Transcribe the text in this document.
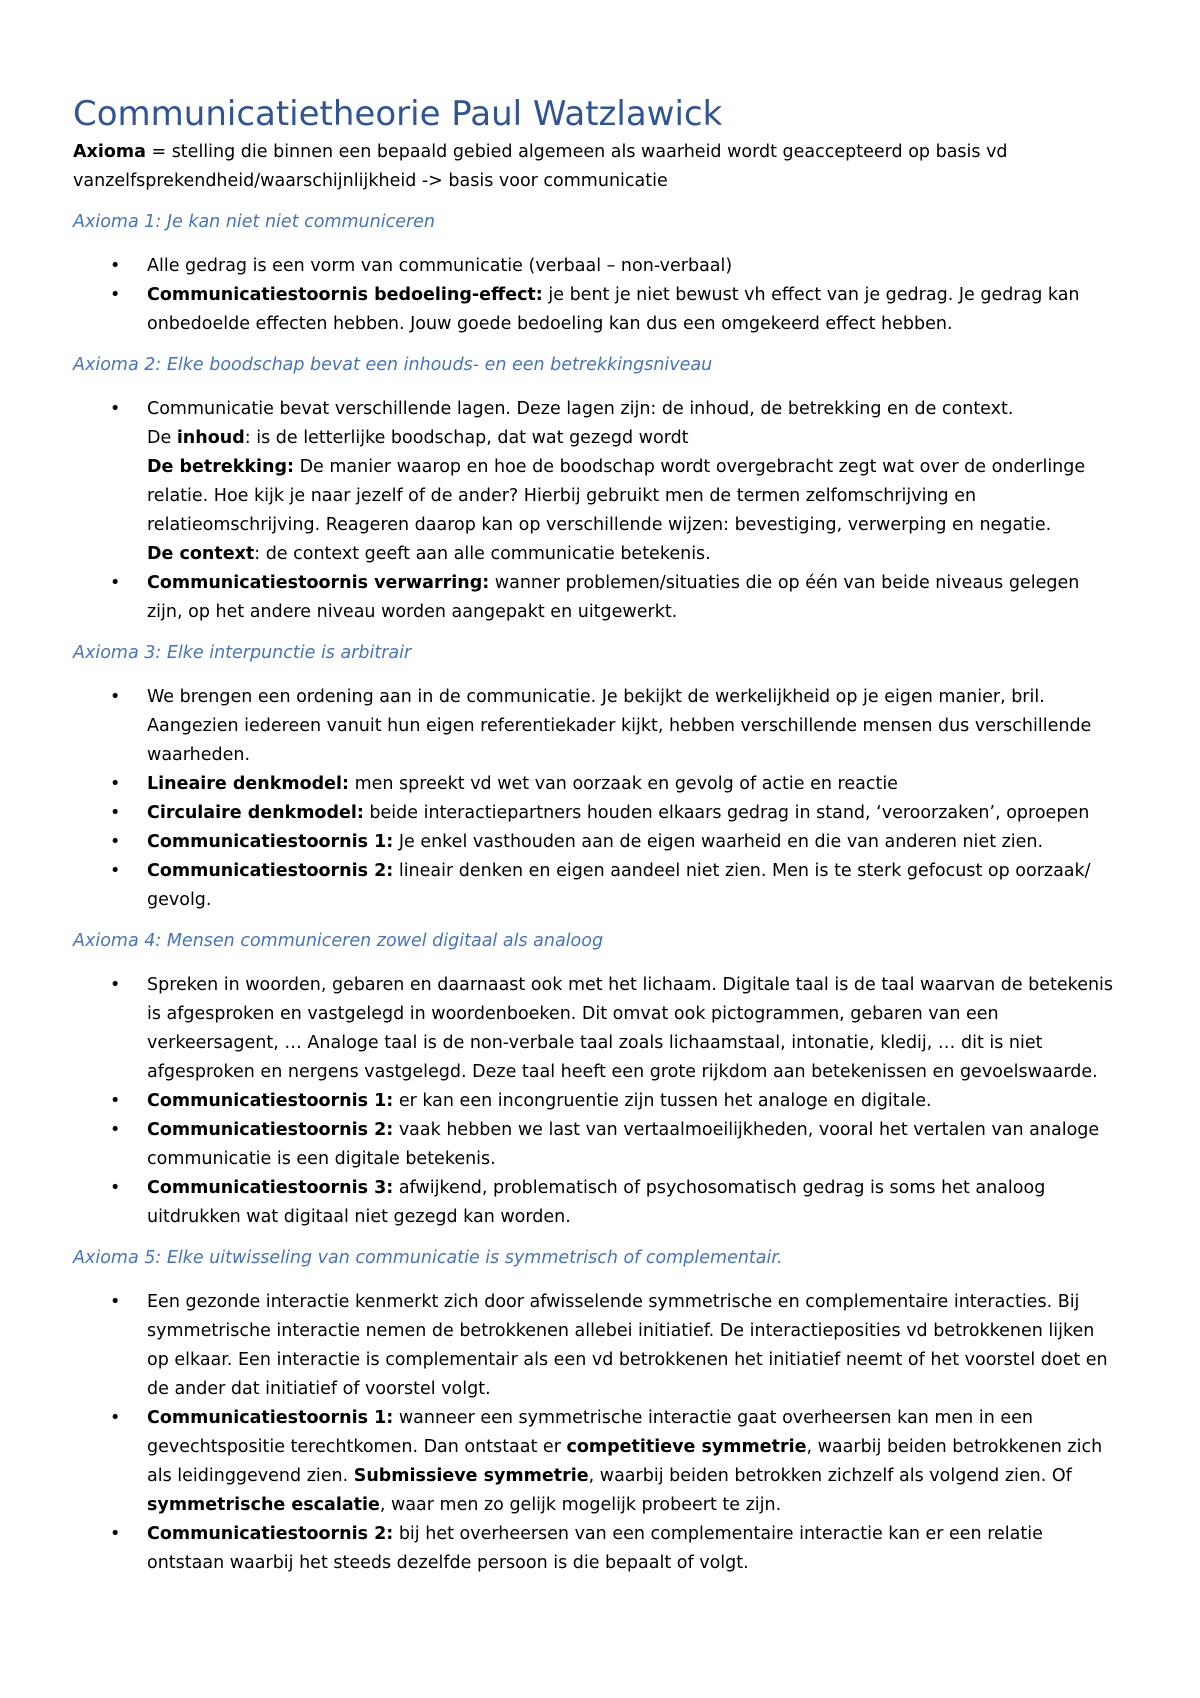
Communicatietheorie Paul Watzlawick

Axioma = stelling die binnen een bepaald gebied algemeen als waarheid wordt geaccepteerd op basis vd vanzelfsprekendheid/waarschijnlijkheid -> basis voor communicatie

Axioma 1: Je kan niet niet communiceren
• Alle gedrag is een vorm van communicatie (verbaal – non-verbaal)
• Communicatiestoornis bedoeling-effect: je bent je niet bewust vh effect van je gedrag. Je gedrag kan onbedoelde effecten hebben. Jouw goede bedoeling kan dus een omgekeerd effect hebben.
Axioma 2: Elke boodschap bevat een inhouds- en een betrekkingsniveau
• Communicatie bevat verschillende lagen. Deze lagen zijn: de inhoud, de betrekking en de context.
De inhoud: is de letterlijke boodschap, dat wat gezegd wordt
De betrekking: De manier waarop en hoe de boodschap wordt overgebracht zegt wat over de onderlinge relatie. Hoe kijk je naar jezelf of de ander? Hierbij gebruikt men de termen zelfomschrijving en relatieomschrijving. Reageren daarop kan op verschillende wijzen: bevestiging, verwerping en negatie.
De context: de context geeft aan alle communicatie betekenis.
• Communicatiestoornis verwarring: wanner problemen/situaties die op één van beide niveaus gelegen zijn, op het andere niveau worden aangepakt en uitgewerkt.
Axioma 3: Elke interpunctie is arbitrair
• We brengen een ordening aan in de communicatie. Je bekijkt de werkelijkheid op je eigen manier, bril. Aangezien iedereen vanuit hun eigen referentiekader kijkt, hebben verschillende mensen dus verschillende waarheden.
• Lineaire denkmodel: men spreekt vd wet van oorzaak en gevolg of actie en reactie
• Circulaire denkmodel: beide interactiepartners houden elkaars gedrag in stand, ‘veroorzaken’, oproepen
• Communicatiestoornis 1: Je enkel vasthouden aan de eigen waarheid en die van anderen niet zien.
• Communicatiestoornis 2: lineair denken en eigen aandeel niet zien. Men is te sterk gefocust op oorzaak/ gevolg.
Axioma 4: Mensen communiceren zowel digitaal als analoog
• Spreken in woorden, gebaren en daarnaast ook met het lichaam. Digitale taal is de taal waarvan de betekenis is afgesproken en vastgelegd in woordenboeken. Dit omvat ook pictogrammen, gebaren van een verkeersagent, … Analoge taal is de non-verbale taal zoals lichaamstaal, intonatie, kledij, … dit is niet afgesproken en nergens vastgelegd. Deze taal heeft een grote rijkdom aan betekenissen en gevoelswaarde.
• Communicatiestoornis 1: er kan een incongruentie zijn tussen het analoge en digitale.
• Communicatiestoornis 2: vaak hebben we last van vertaalmoeilijkheden, vooral het vertalen van analoge communicatie is een digitale betekenis.
• Communicatiestoornis 3: afwijkend, problematisch of psychosomatisch gedrag is soms het analoog uitdrukken wat digitaal niet gezegd kan worden.
Axioma 5: Elke uitwisseling van communicatie is symmetrisch of complementair.
• Een gezonde interactie kenmerkt zich door afwisselende symmetrische en complementaire interacties. Bij symmetrische interactie nemen de betrokkenen allebei initiatief. De interactieposities vd betrokkenen lijken op elkaar. Een interactie is complementair als een vd betrokkenen het initiatief neemt of het voorstel doet en de ander dat initiatief of voorstel volgt.
• Communicatiestoornis 1: wanneer een symmetrische interactie gaat overheersen kan men in een gevechtspositie terechtkomen. Dan ontstaat er competitieve symmetrie, waarbij beiden betrokkenen zich als leidinggevend zien. Submissieve symmetrie, waarbij beiden betrokken zichzelf als volgend zien. Of symmetrische escalatie, waar men zo gelijk mogelijk probeert te zijn.
• Communicatiestoornis 2: bij het overheersen van een complementaire interactie kan er een relatie ontstaan waarbij het steeds dezelfde persoon is die bepaalt of volgt.
